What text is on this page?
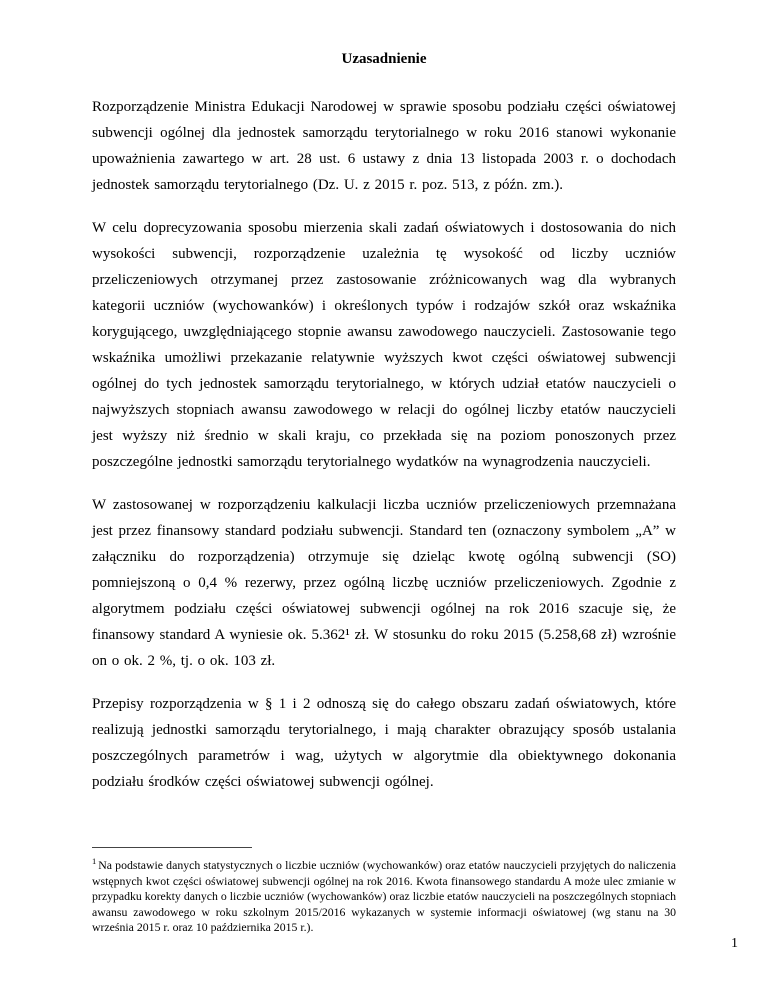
Uzasadnienie

Rozporządzenie Ministra Edukacji Narodowej w sprawie sposobu podziału części oświatowej subwencji ogólnej dla jednostek samorządu terytorialnego w roku 2016 stanowi wykonanie upoważnienia zawartego w art. 28 ust. 6 ustawy z dnia 13 listopada 2003 r. o dochodach jednostek samorządu terytorialnego (Dz. U. z 2015 r. poz. 513, z późn. zm.).

W celu doprecyzowania sposobu mierzenia skali zadań oświatowych i dostosowania do nich wysokości subwencji, rozporządzenie uzależnia tę wysokość od liczby uczniów przeliczeniowych otrzymanej przez zastosowanie zróżnicowanych wag dla wybranych kategorii uczniów (wychowanków) i określonych typów i rodzajów szkół oraz wskaźnika korygującego, uwzględniającego stopnie awansu zawodowego nauczycieli. Zastosowanie tego wskaźnika umożliwi przekazanie relatywnie wyższych kwot części oświatowej subwencji ogólnej do tych jednostek samorządu terytorialnego, w których udział etatów nauczycieli o najwyższych stopniach awansu zawodowego w relacji do ogólnej liczby etatów nauczycieli jest wyższy niż średnio w skali kraju, co przekłada się na poziom ponoszonych przez poszczególne jednostki samorządu terytorialnego wydatków na wynagrodzenia nauczycieli.

W zastosowanej w rozporządzeniu kalkulacji liczba uczniów przeliczeniowych przemnażana jest przez finansowy standard podziału subwencji. Standard ten (oznaczony symbolem „A” w załączniku do rozporządzenia) otrzymuje się dzieląc kwotę ogólną subwencji (SO) pomniejszoną o 0,4 % rezerwy, przez ogólną liczbę uczniów przeliczeniowych. Zgodnie z algorytmem podziału części oświatowej subwencji ogólnej na rok 2016 szacuje się, że finansowy standard A wyniesie ok. 5.362¹ zł. W stosunku do roku 2015 (5.258,68 zł) wzrośnie on o ok. 2 %, tj. o ok. 103 zł.

Przepisy rozporządzenia w § 1 i 2 odnoszą się do całego obszaru zadań oświatowych, które realizują jednostki samorządu terytorialnego, i mają charakter obrazujący sposób ustalania poszczególnych parametrów i wag, użytych w algorytmie dla obiektywnego dokonania podziału środków części oświatowej subwencji ogólnej.

$^1$ Na podstawie danych statystycznych o liczbie uczniów (wychowanków) oraz etatów nauczycieli przyjętych do naliczenia wstępnych kwot części oświatowej subwencji ogólnej na rok 2016. Kwota finansowego standardu A może ulec zmianie w przypadku korekty danych o liczbie uczniów (wychowanków) oraz liczbie etatów nauczycieli na poszczególnych stopniach awansu zawodowego w roku szkolnym 2015/2016 wykazanych w systemie informacji oświatowej (wg stanu na 30 września 2015 r. oraz 10 października 2015 r.).

1
